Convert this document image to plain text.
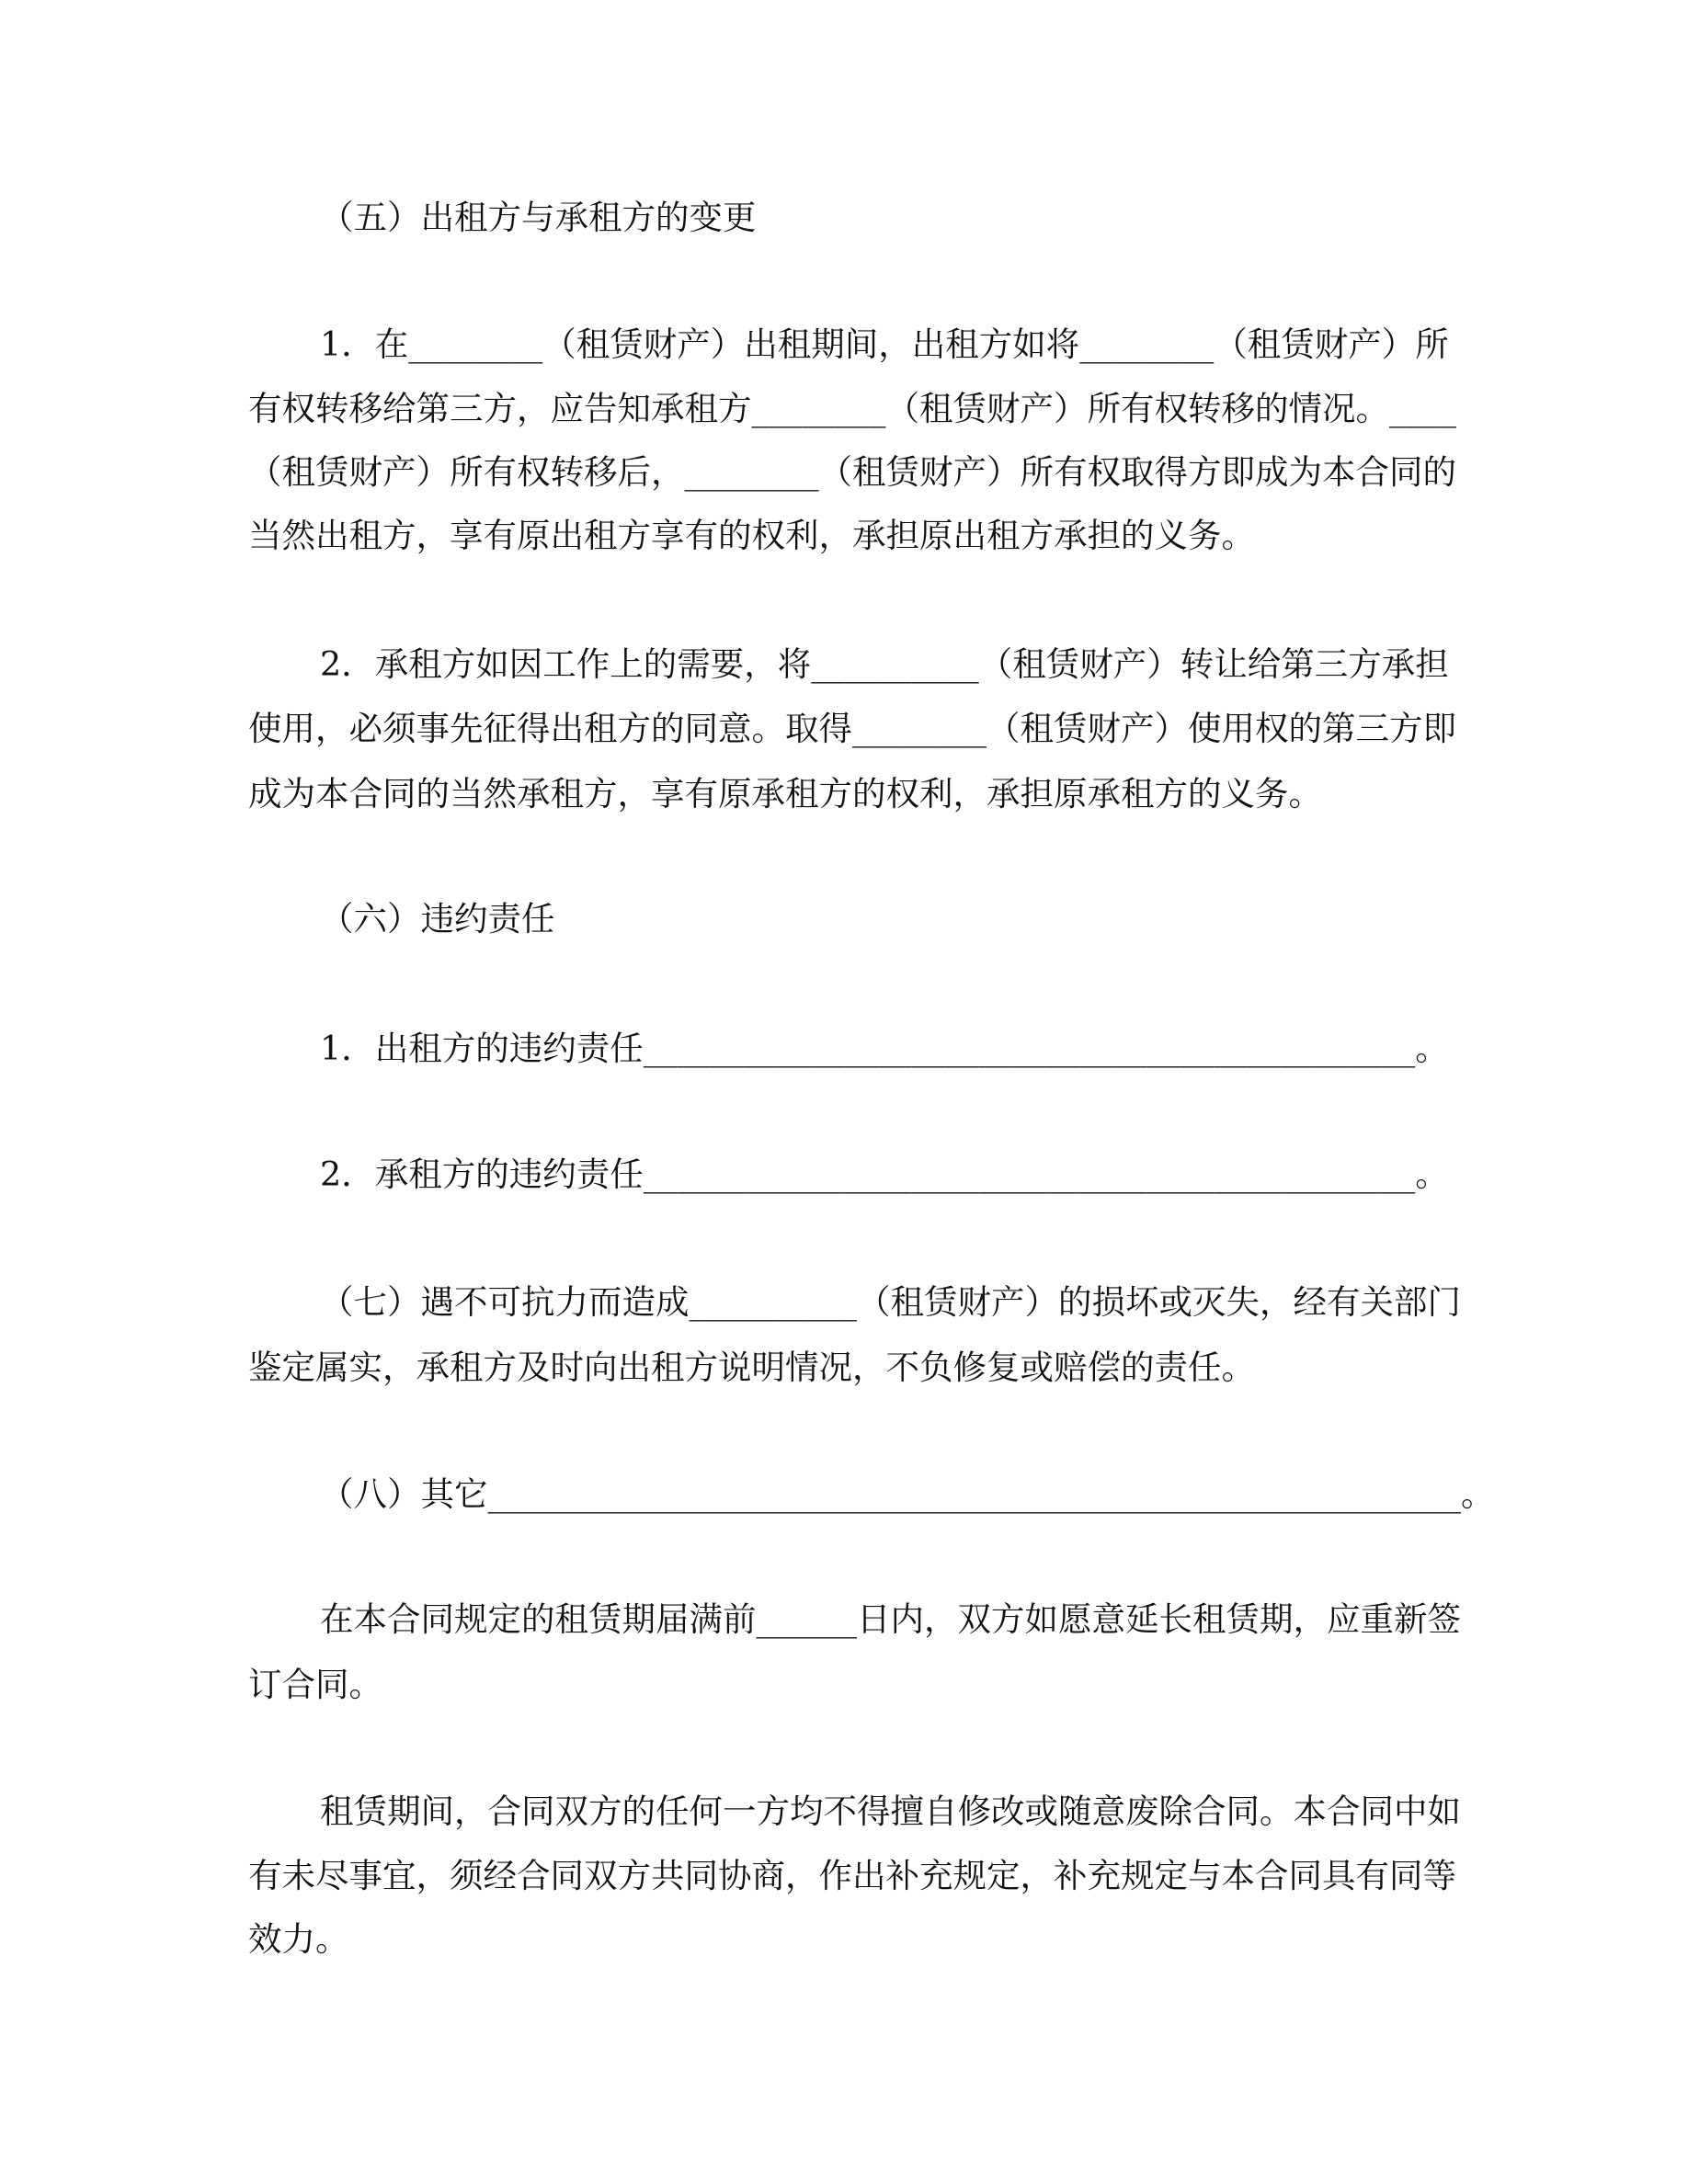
（五）出租方与承租方的变更
1．在________（租赁财产）出租期间，出租方如将________（租赁财产）所
有权转移给第三方，应告知承租方________（租赁财产）所有权转移的情况。____
（租赁财产）所有权转移后，________（租赁财产）所有权取得方即成为本合同的
当然出租方，享有原出租方享有的权利，承担原出租方承担的义务。
2．承租方如因工作上的需要，将__________（租赁财产）转让给第三方承担
使用，必须事先征得出租方的同意。取得________（租赁财产）使用权的第三方即
成为本合同的当然承租方，享有原承租方的权利，承担原承租方的义务。
（六）违约责任
1．出租方的违约责任______________________________________________。
2．承租方的违约责任______________________________________________。
（七）遇不可抗力而造成__________（租赁财产）的损坏或灭失，经有关部门
鉴定属实，承租方及时向出租方说明情况，不负修复或赔偿的责任。
（八）其它__________________________________________________________。
在本合同规定的租赁期届满前______日内，双方如愿意延长租赁期，应重新签
订合同。
租赁期间，合同双方的任何一方均不得擅自修改或随意废除合同。本合同中如
有未尽事宜，须经合同双方共同协商，作出补充规定，补充规定与本合同具有同等
效力。
